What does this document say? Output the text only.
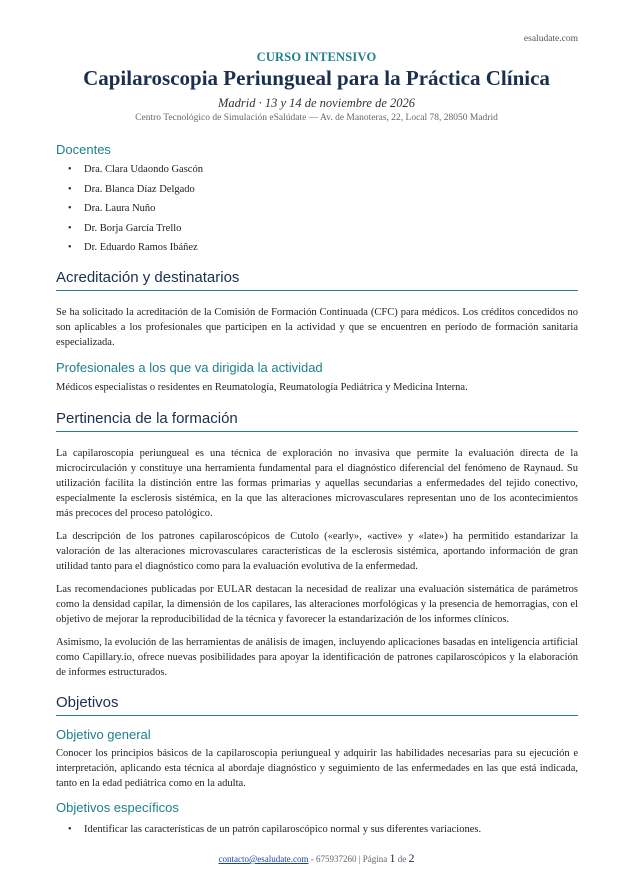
esaludate.com
CURSO INTENSIVO
Capilaroscopia Periungueal para la Práctica Clínica
Madrid · 13 y 14 de noviembre de 2026
Centro Tecnológico de Simulación eSalúdate — Av. de Manoteras, 22, Local 78, 28050 Madrid
Docentes
• Dra. Clara Udaondo Gascón
• Dra. Blanca Díaz Delgado
• Dra. Laura Nuño
• Dr. Borja García Trello
• Dr. Eduardo Ramos Ibáñez
Acreditación y destinatarios

Se ha solicitado la acreditación de la Comisión de Formación Continuada (CFC) para médicos. Los créditos concedidos no son aplicables a los profesionales que participen en la actividad y que se encuentren en período de formación sanitaria especializada.

Profesionales a los que va dirigida la actividad

Médicos especialistas o residentes en Reumatología, Reumatología Pediátrica y Medicina Interna.

Pertinencia de la formación

La capilaroscopia periungueal es una técnica de exploración no invasiva que permite la evaluación directa de la microcirculación y constituye una herramienta fundamental para el diagnóstico diferencial del fenómeno de Raynaud. Su utilización facilita la distinción entre las formas primarias y aquellas secundarias a enfermedades del tejido conectivo, especialmente la esclerosis sistémica, en la que las alteraciones microvasculares representan uno de los acontecimientos más precoces del proceso patológico.

La descripción de los patrones capilaroscópicos de Cutolo («early», «active» y «late») ha permitido estandarizar la valoración de las alteraciones microvasculares características de la esclerosis sistémica, aportando información de gran utilidad tanto para el diagnóstico como para la evaluación evolutiva de la enfermedad.

Las recomendaciones publicadas por EULAR destacan la necesidad de realizar una evaluación sistemática de parámetros como la densidad capilar, la dimensión de los capilares, las alteraciones morfológicas y la presencia de hemorragias, con el objetivo de mejorar la reproducibilidad de la técnica y favorecer la estandarización de los informes clínicos.

Asimismo, la evolución de las herramientas de análisis de imagen, incluyendo aplicaciones basadas en inteligencia artificial como Capillary.io, ofrece nuevas posibilidades para apoyar la identificación de patrones capilaroscópicos y la elaboración de informes estructurados.

Objetivos
Objetivo general

Conocer los principios básicos de la capilaroscopia periungueal y adquirir las habilidades necesarias para su ejecución e interpretación, aplicando esta técnica al abordaje diagnóstico y seguimiento de las enfermedades en las que está indicada, tanto en la edad pediátrica como en la adulta.

Objetivos específicos
• Identificar las características de un patrón capilaroscópico normal y sus diferentes variaciones.
contacto@esaludate.com - 675937260 | Página 1 de 2
